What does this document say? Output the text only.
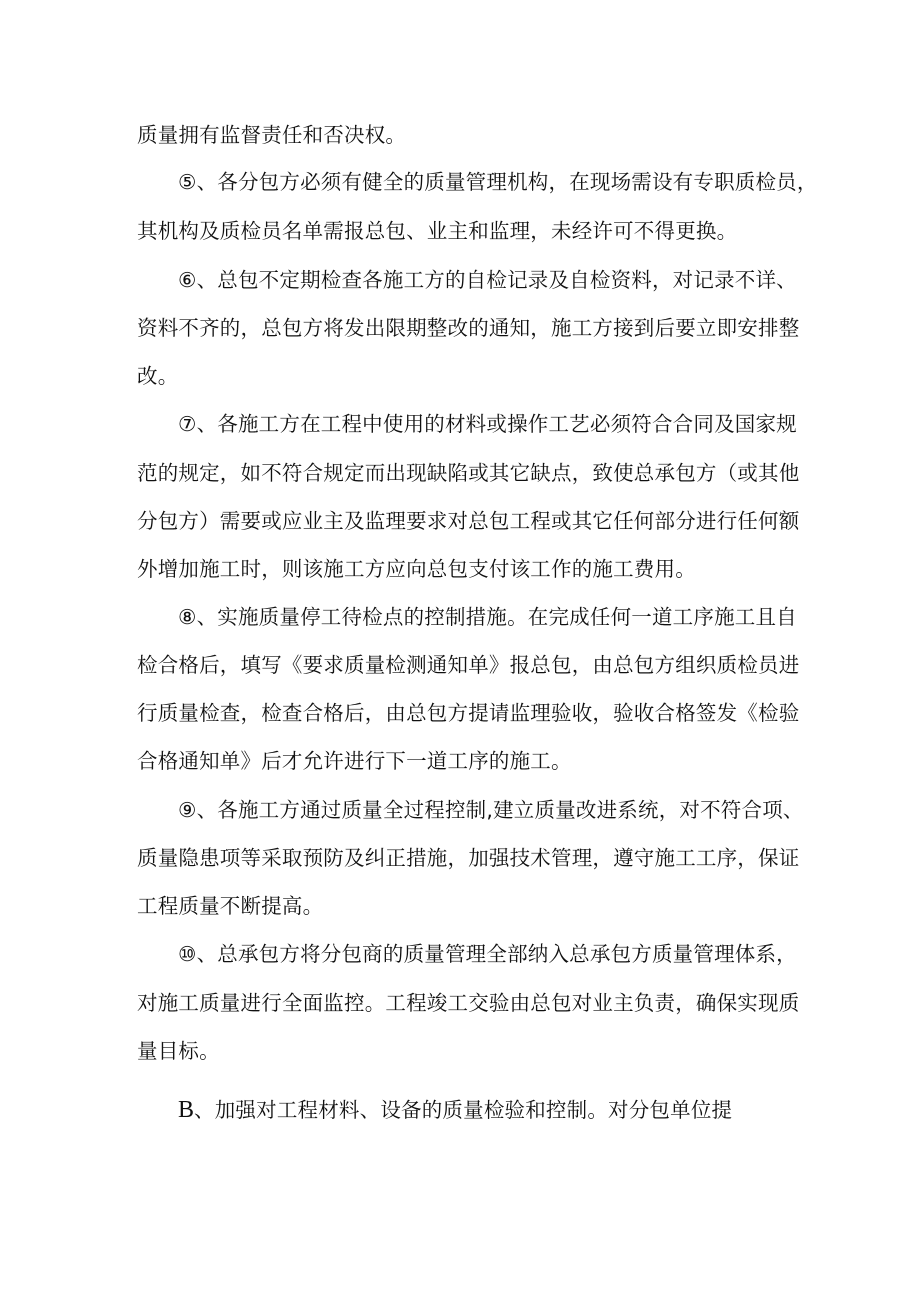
质量拥有监督责任和否决权。
⑤、各分包方必须有健全的质量管理机构，在现场需设有专职质检员，
其机构及质检员名单需报总包、业主和监理，未经许可不得更换。
⑥、总包不定期检查各施工方的自检记录及自检资料，对记录不详、
资料不齐的，总包方将发出限期整改的通知，施工方接到后要立即安排整
改。
⑦、各施工方在工程中使用的材料或操作工艺必须符合合同及国家规
范的规定，如不符合规定而出现缺陷或其它缺点，致使总承包方（或其他
分包方）需要或应业主及监理要求对总包工程或其它任何部分进行任何额
外增加施工时，则该施工方应向总包支付该工作的施工费用。
⑧、实施质量停工待检点的控制措施。在完成任何一道工序施工且自
检合格后，填写《要求质量检测通知单》报总包，由总包方组织质检员进
行质量检查，检查合格后，由总包方提请监理验收，验收合格签发《检验
合格通知单》后才允许进行下一道工序的施工。
⑨、各施工方通过质量全过程控制,建立质量改进系统，对不符合项、
质量隐患项等采取预防及纠正措施，加强技术管理，遵守施工工序，保证
工程质量不断提高。
⑩、总承包方将分包商的质量管理全部纳入总承包方质量管理体系，
对施工质量进行全面监控。工程竣工交验由总包对业主负责，确保实现质
量目标。
B、加强对工程材料、设备的质量检验和控制。对分包单位提
